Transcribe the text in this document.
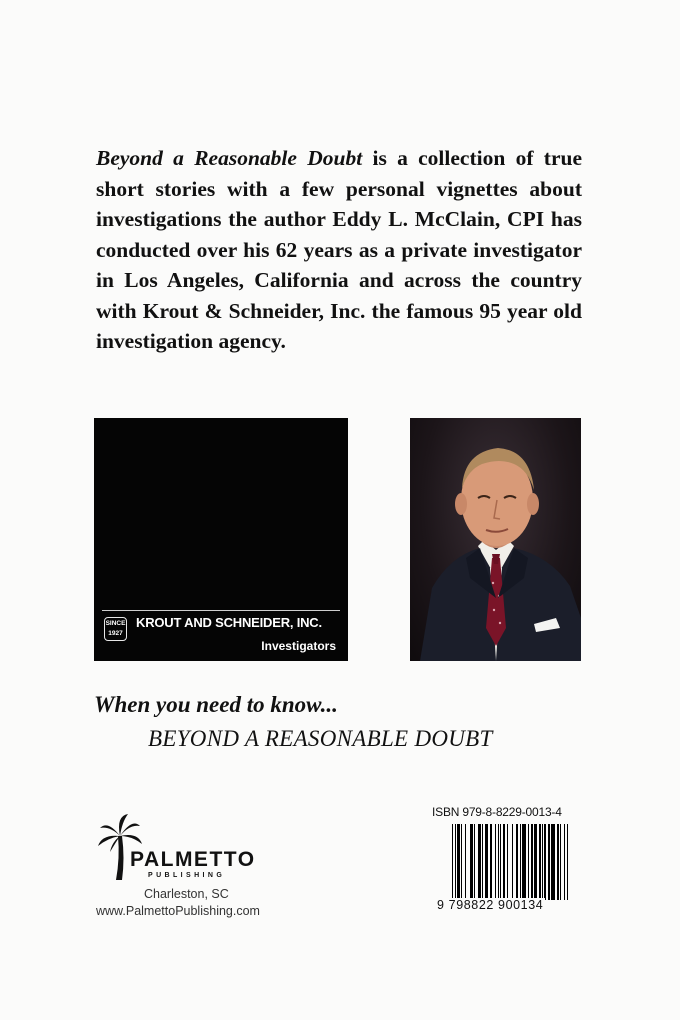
Beyond a Reasonable Doubt is a collection of true short stories with a few personal vignettes about investigations the author Eddy L. McClain, CPI has conducted over his 62 years as a private investigator in Los Angeles, California and across the country with Krout & Schneider, Inc. the famous 95 year old investigation agency.

SINCE
1927
KROUT AND SCHNEIDER, INC.
Investigators
When you need to know...
BEYOND A REASONABLE DOUBT
PALMETTO
PUBLISHING
Charleston, SC
www.PalmettoPublishing.com
ISBN 979-8-8229-0013-4
9 798822 900134
